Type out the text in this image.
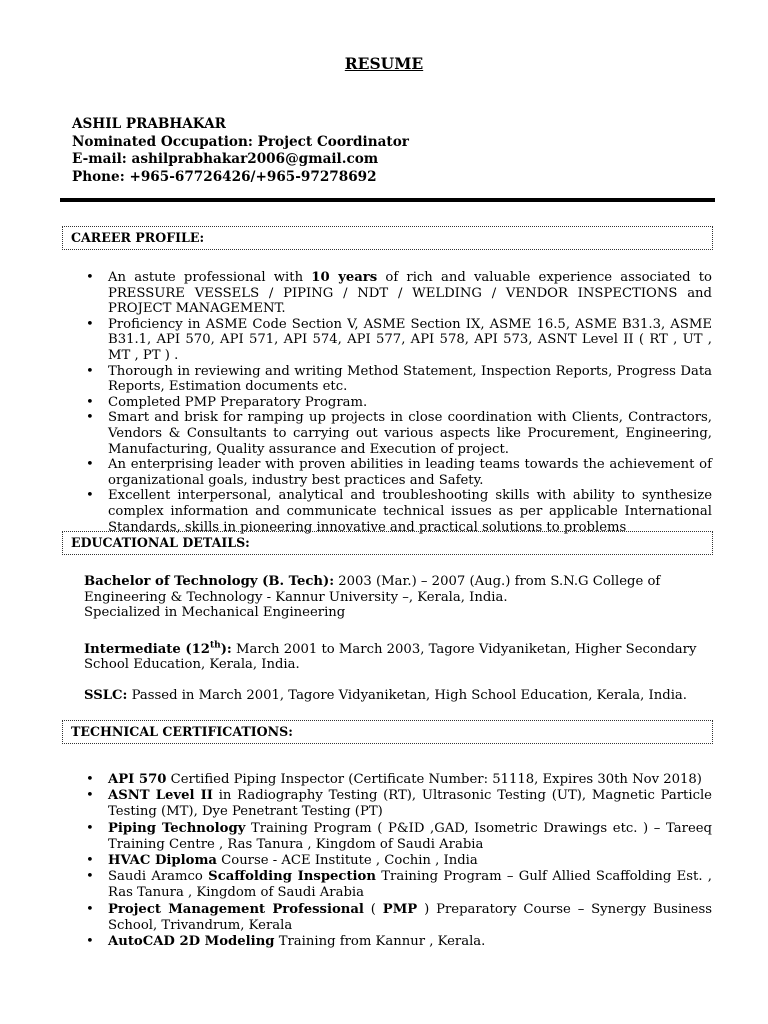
RESUME
ASHIL PRABHAKAR
Nominated Occupation: Project Coordinator
E-mail: ashilprabhakar2006@gmail.com
Phone: +965-67726426/+965-97278692
CAREER PROFILE:
• An astute professional with 10 years of rich and valuable experience associated to PRESSURE VESSELS / PIPING / NDT / WELDING / VENDOR INSPECTIONS and PROJECT MANAGEMENT.
• Proficiency in ASME Code Section V, ASME Section IX, ASME 16.5, ASME B31.3, ASME B31.1, API 570, API 571, API 574, API 577, API 578, API 573, ASNT Level II ( RT , UT , MT , PT ) .
• Thorough in reviewing and writing Method Statement, Inspection Reports, Progress Data Reports, Estimation documents etc.
• Completed PMP Preparatory Program.
• Smart and brisk for ramping up projects in close coordination with Clients, Contractors, Vendors & Consultants to carrying out various aspects like Procurement, Engineering, Manufacturing, Quality assurance and Execution of project.
• An enterprising leader with proven abilities in leading teams towards the achievement of organizational goals, industry best practices and Safety.
• Excellent interpersonal, analytical and troubleshooting skills with ability to synthesize complex information and communicate technical issues as per applicable International Standards, skills in pioneering innovative and practical solutions to problems
EDUCATIONAL DETAILS:

Bachelor of Technology (B. Tech): 2003 (Mar.) – 2007 (Aug.) from S.N.G College of Engineering & Technology - Kannur University –, Kerala, India.

Specialized in Mechanical Engineering

Intermediate (12th): March 2001 to March 2003, Tagore Vidyaniketan, Higher Secondary School Education, Kerala, India.

SSLC: Passed in March 2001, Tagore Vidyaniketan, High School Education, Kerala, India.

TECHNICAL CERTIFICATIONS:
• API 570 Certified Piping Inspector (Certificate Number: 51118, Expires 30th Nov 2018)
• ASNT Level II in Radiography Testing (RT), Ultrasonic Testing (UT), Magnetic Particle Testing (MT), Dye Penetrant Testing (PT)
• Piping Technology Training Program ( P&ID ,GAD, Isometric Drawings etc. ) – Tareeq Training Centre , Ras Tanura , Kingdom of Saudi Arabia
• HVAC Diploma Course - ACE Institute , Cochin , India
• Saudi Aramco Scaffolding Inspection Training Program – Gulf Allied Scaffolding Est. , Ras Tanura , Kingdom of Saudi Arabia
• Project Management Professional ( PMP ) Preparatory Course – Synergy Business School, Trivandrum, Kerala
• AutoCAD 2D Modeling Training from Kannur , Kerala.
